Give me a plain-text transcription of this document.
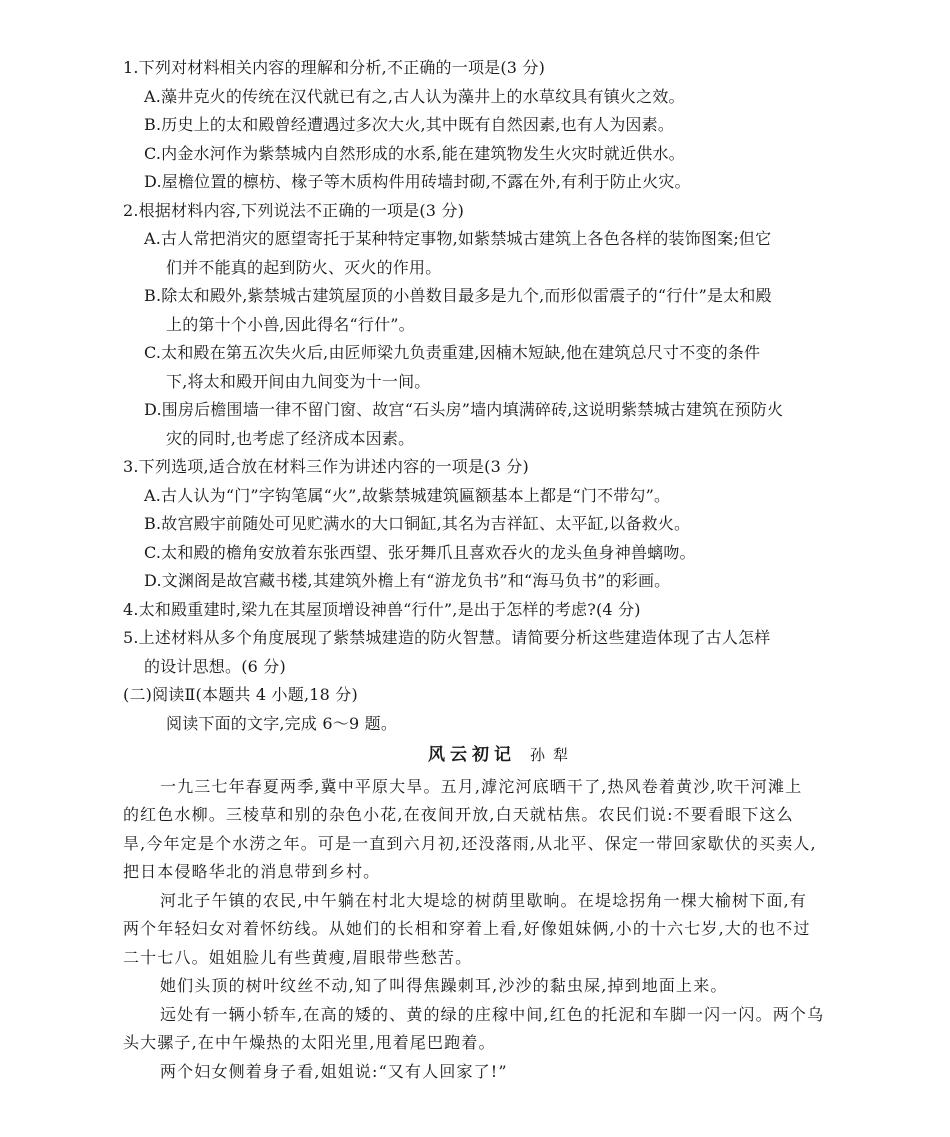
1.下列对材料相关内容的理解和分析,不正确的一项是(3 分)
A.藻井克火的传统在汉代就已有之,古人认为藻井上的水草纹具有镇火之效。
B.历史上的太和殿曾经遭遇过多次大火,其中既有自然因素,也有人为因素。
C.内金水河作为紫禁城内自然形成的水系,能在建筑物发生火灾时就近供水。
D.屋檐位置的檩枋、椽子等木质构件用砖墙封砌,不露在外,有利于防止火灾。
2.根据材料内容,下列说法不正确的一项是(3 分)
A.古人常把消灾的愿望寄托于某种特定事物,如紫禁城古建筑上各色各样的装饰图案;但它
们并不能真的起到防火、灭火的作用。
B.除太和殿外,紫禁城古建筑屋顶的小兽数目最多是九个,而形似雷震子的“行什”是太和殿
上的第十个小兽,因此得名“行什”。
C.太和殿在第五次失火后,由匠师梁九负责重建,因楠木短缺,他在建筑总尺寸不变的条件
下,将太和殿开间由九间变为十一间。
D.围房后檐围墙一律不留门窗、故宫“石头房”墙内填满碎砖,这说明紫禁城古建筑在预防火
灾的同时,也考虑了经济成本因素。
3.下列选项,适合放在材料三作为讲述内容的一项是(3 分)
A.古人认为“门”字钩笔属“火”,故紫禁城建筑匾额基本上都是“门不带勾”。
B.故宫殿宇前随处可见贮满水的大口铜缸,其名为吉祥缸、太平缸,以备救火。
C.太和殿的檐角安放着东张西望、张牙舞爪且喜欢吞火的龙头鱼身神兽螭吻。
D.文渊阁是故宫藏书楼,其建筑外檐上有“游龙负书”和“海马负书”的彩画。
4.太和殿重建时,梁九在其屋顶增设神兽“行什”,是出于怎样的考虑?(4 分)
5.上述材料从多个角度展现了紫禁城建造的防火智慧。请简要分析这些建造体现了古人怎样
的设计思想。(6 分)
(二)阅读Ⅱ(本题共 4 小题,18 分)
阅读下面的文字,完成 6～9 题。
风云初记 孙犁
一九三七年春夏两季,冀中平原大旱。五月,滹沱河底晒干了,热风卷着黄沙,吹干河滩上
的红色水柳。三棱草和别的杂色小花,在夜间开放,白天就枯焦。农民们说:不要看眼下这么
旱,今年定是个水涝之年。可是一直到六月初,还没落雨,从北平、保定一带回家歇伏的买卖人,
把日本侵略华北的消息带到乡村。
河北子午镇的农民,中午躺在村北大堤埝的树荫里歇晌。在堤埝拐角一棵大榆树下面,有
两个年轻妇女对着怀纺线。从她们的长相和穿着上看,好像姐妹俩,小的十六七岁,大的也不过
二十七八。姐姐脸儿有些黄瘦,眉眼带些愁苦。
她们头顶的树叶纹丝不动,知了叫得焦躁刺耳,沙沙的黏虫屎,掉到地面上来。
远处有一辆小轿车,在高的矮的、黄的绿的庄稼中间,红色的托泥和车脚一闪一闪。两个乌
头大骡子,在中午燥热的太阳光里,甩着尾巴跑着。
两个妇女侧着身子看,姐姐说:“又有人回家了!”
